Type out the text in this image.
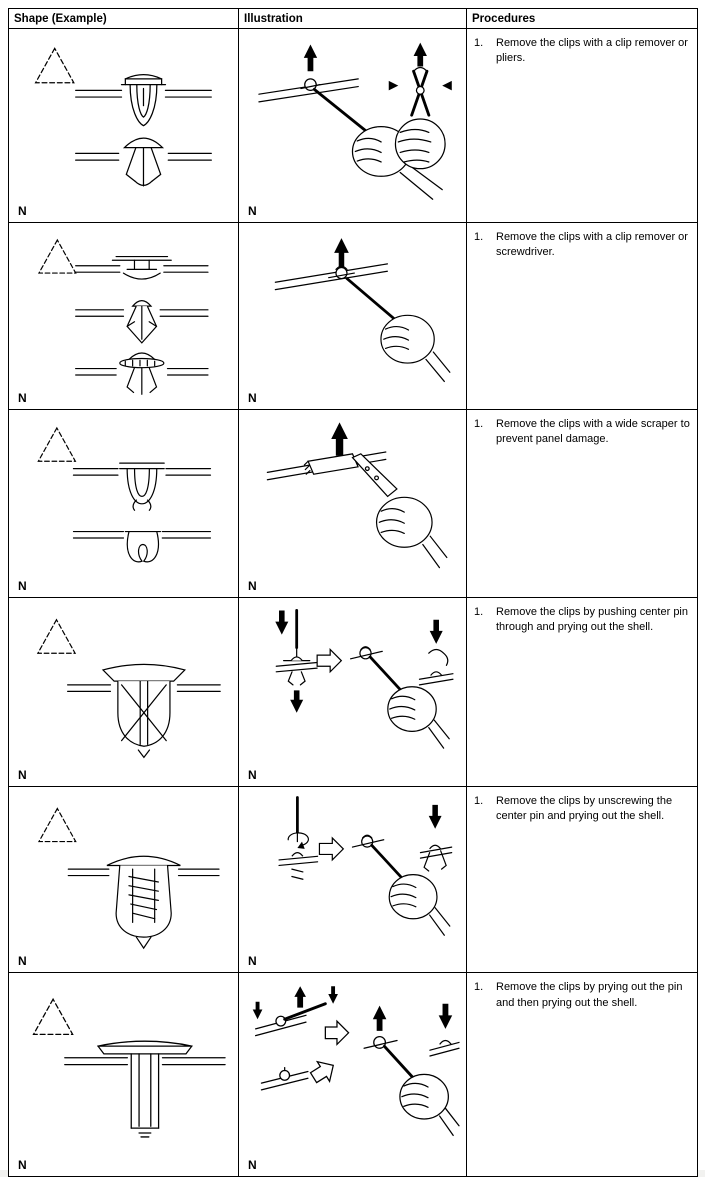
Shape (Example)	Illustration	Procedures

N	N	1. Remove the clips with a clip remover or pliers.

N	N	1. Remove the clips with a clip remover or screwdriver.

N	N	1. Remove the clips with a wide scraper to prevent panel damage.

N	N	1. Remove the clips by pushing center pin through and prying out the shell.

N	N	1. Remove the clips by unscrewing the center pin and prying out the shell.

N	N	1. Remove the clips by prying out the pin and then prying out the shell.
